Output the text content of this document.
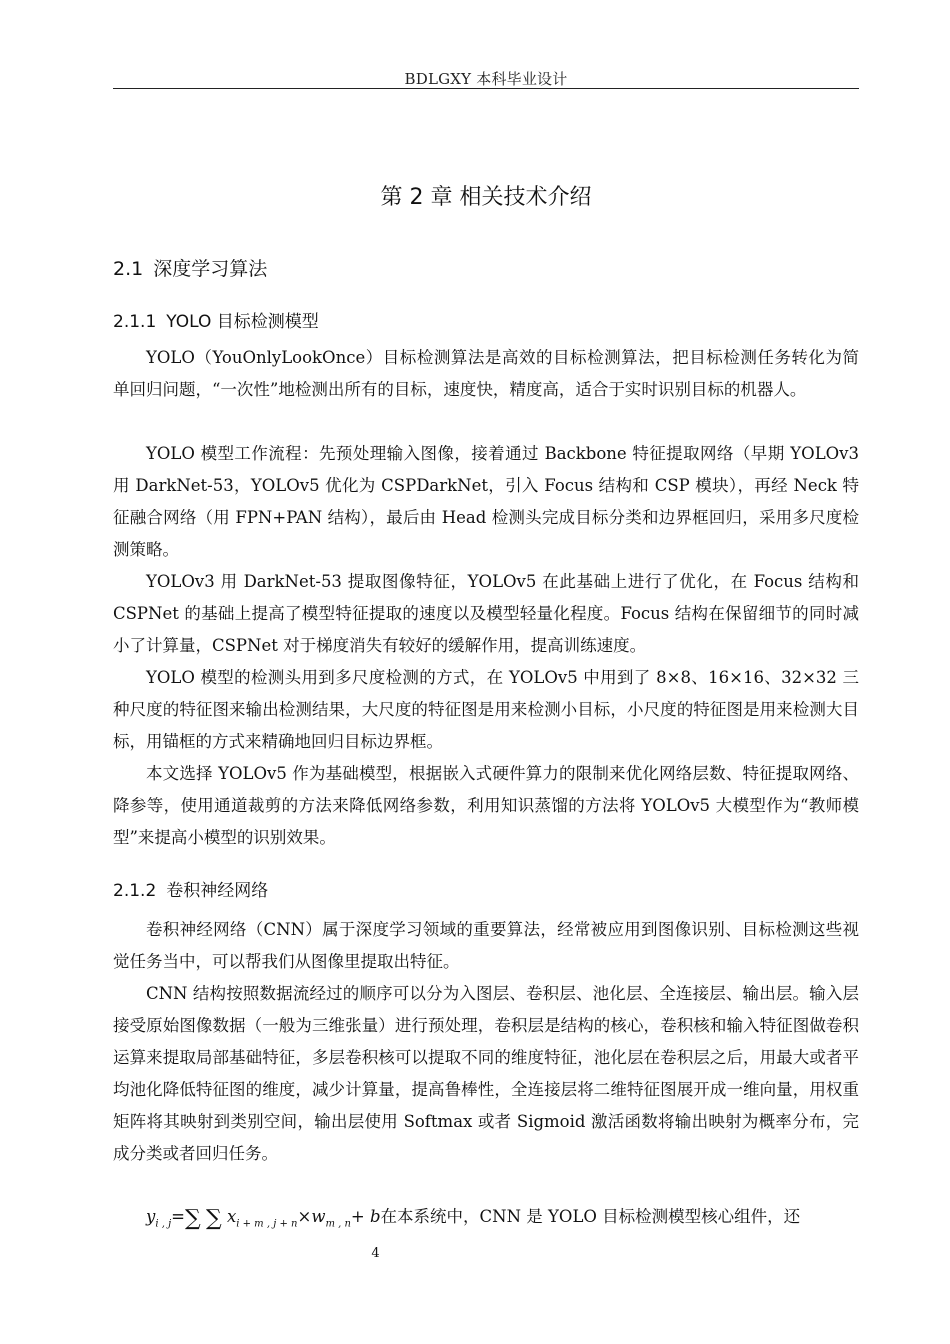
BDLGXY 本科毕业设计
第 2 章 相关技术介绍
2.1 深度学习算法
2.1.1 YOLO 目标检测模型

YOLO（YouOnlyLookOnce）目标检测算法是高效的目标检测算法，把目标检测任务转化为简单回归问题，“一次性”地检测出所有的目标，速度快，精度高，适合于实时识别目标的机器人。

YOLO 模型工作流程：先预处理输入图像，接着通过 Backbone 特征提取网络（早期 YOLOv3 用 DarkNet-53，YOLOv5 优化为 CSPDarkNet，引入 Focus 结构和 CSP 模块），再经 Neck 特征融合网络（用 FPN+PAN 结构），最后由 Head 检测头完成目标分类和边界框回归，采用多尺度检测策略。

YOLOv3 用 DarkNet-53 提取图像特征，YOLOv5 在此基础上进行了优化，在 Focus 结构和 CSPNet 的基础上提高了模型特征提取的速度以及模型轻量化程度。Focus 结构在保留细节的同时减小了计算量，CSPNet 对于梯度消失有较好的缓解作用，提高训练速度。

YOLO 模型的检测头用到多尺度检测的方式，在 YOLOv5 中用到了 8×8、16×16、32×32 三种尺度的特征图来输出检测结果，大尺度的特征图是用来检测小目标，小尺度的特征图是用来检测大目标，用锚框的方式来精确地回归目标边界框。

本文选择 YOLOv5 作为基础模型，根据嵌入式硬件算力的限制来优化网络层数、特征提取网络、降参等，使用通道裁剪的方法来降低网络参数，利用知识蒸馏的方法将 YOLOv5 大模型作为“教师模型”来提高小模型的识别效果。

2.1.2 卷积神经网络

卷积神经网络（CNN）属于深度学习领域的重要算法，经常被应用到图像识别、目标检测这些视觉任务当中，可以帮我们从图像里提取出特征。

CNN 结构按照数据流经过的顺序可以分为入图层、卷积层、池化层、全连接层、输出层。输入层接受原始图像数据（一般为三维张量）进行预处理，卷积层是结构的核心，卷积核和输入特征图做卷积运算来提取局部基础特征，多层卷积核可以提取不同的维度特征，池化层在卷积层之后，用最大或者平均池化降低特征图的维度，减少计算量，提高鲁棒性，全连接层将二维特征图展开成一维向量，用权重矩阵将其映射到类别空间，输出层使用 Softmax 或者 Sigmoid 激活函数将输出映射为概率分布，完成分类或者回归任务。

$y_{i , j}=\sum$ ∑ $x_{i + m , j + n}\times w_{m , n}+ b$在本系统中，CNN 是 YOLO 目标检测模型核心组件，还
4
